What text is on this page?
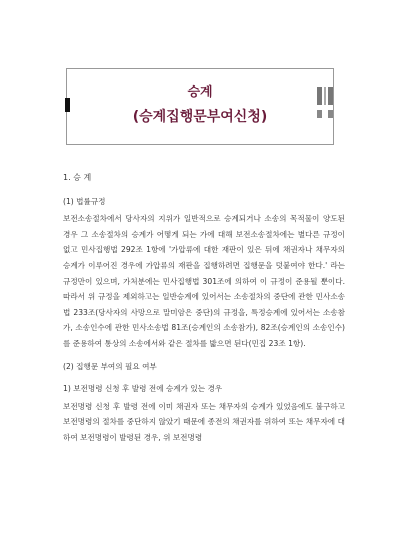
승계
(승계집행문부여신청)
1. 승 계
(1) 법률규정
보전소송절차에서 당사자의 지위가 일반적으로 승계되거나 소송의 목적물이 양도된 경우 그 소송절차의 승계가 어떻게 되는 가에 대해 보전소송절차에는 별다른 규정이 없고 민사집행법 292조 1항에 '가압류에 대한 재판이 있은 뒤에 채권자나 채무자의 승계가 이루어진 경우에 가압류의 재판을 집행하려면 집행문을 덧붙여야 한다.' 라는 규정만이 있으며, 가처분에는 민사집행법 301조에 의하여 이 규정이 준용될 뿐이다. 따라서 위 규정을 제외하고는 일반승계에 있어서는 소송절차의 중단에 관한 민사소송법 233조(당사자의 사망으로 말미암은 중단)의 규정을, 특정승계에 있어서는 소송참가, 소송인수에 관한 민사소송법 81조(승계인의 소송참가), 82조(승계인의 소송인수)를 준용하여 통상의 소송에서와 같은 절차를 밟으면 된다(민집 23조 1항).
(2) 집행문 부여의 필요 여부
1) 보전명령 신청 후 발령 전에 승계가 있는 경우
보전명령 신청 후 발령 전에 이미 채권자 또는 채무자의 승계가 있었음에도 불구하고 보전명령의 절차를 중단하지 않았기 때문에 종전의 채권자를 위하여 또는 채무자에 대하여 보전명령이 발령된 경우, 위 보전명령
